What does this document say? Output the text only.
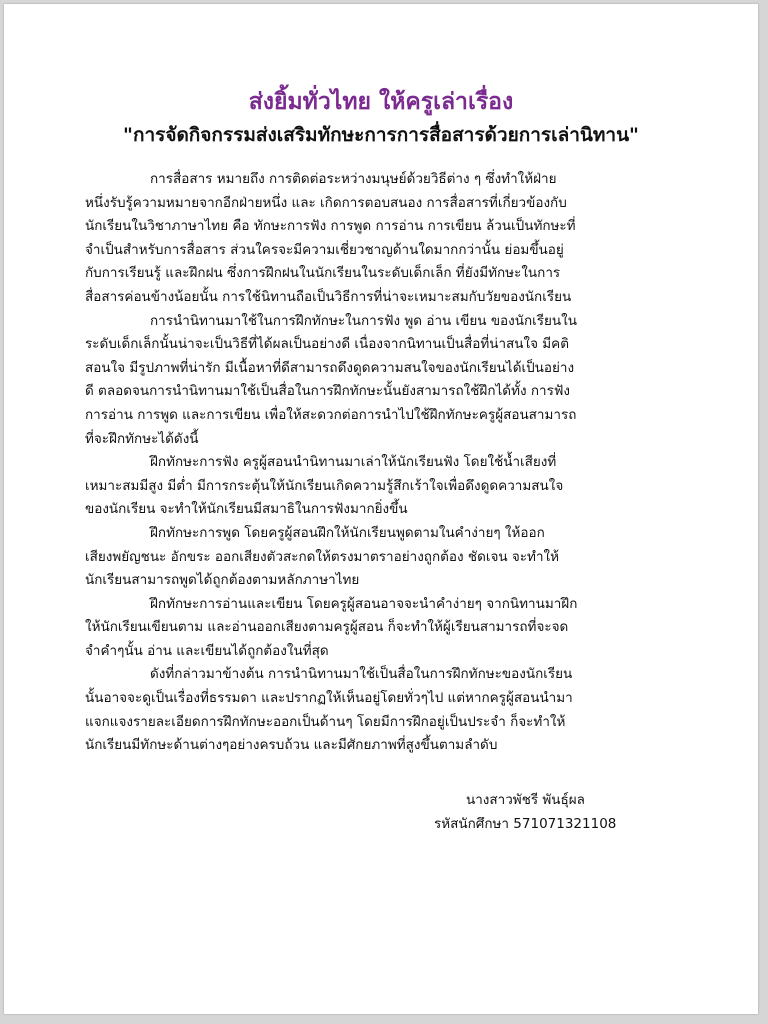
ส่งยิ้มทั่วไทย ให้ครูเล่าเรื่อง
"การจัดกิจกรรมส่งเสริมทักษะการการสื่อสารด้วยการเล่านิทาน"
การสื่อสาร หมายถึง การติดต่อระหว่างมนุษย์ด้วยวิธีต่าง ๆ ซึ่งทำให้ฝ่าย
หนึ่งรับรู้ความหมายจากอีกฝ่ายหนึ่ง และ เกิดการตอบสนอง การสื่อสารที่เกี่ยวข้องกับ
นักเรียนในวิชาภาษาไทย คือ ทักษะการฟัง การพูด การอ่าน การเขียน ล้วนเป็นทักษะที่
จำเป็นสำหรับการสื่อสาร ส่วนใครจะมีความเชี่ยวชาญด้านใดมากกว่านั้น ย่อมขึ้นอยู่
กับการเรียนรู้ และฝึกฝน ซึ่งการฝึกฝนในนักเรียนในระดับเด็กเล็ก ที่ยังมีทักษะในการ
สื่อสารค่อนข้างน้อยนั้น การใช้นิทานถือเป็นวิธีการที่น่าจะเหมาะสมกับวัยของนักเรียน
การนำนิทานมาใช้ในการฝึกทักษะในการฟัง พูด อ่าน เขียน ของนักเรียนใน
ระดับเด็กเล็กนั้นน่าจะเป็นวิธีที่ได้ผลเป็นอย่างดี เนื่องจากนิทานเป็นสื่อที่น่าสนใจ มีคติ
สอนใจ มีรูปภาพที่น่ารัก มีเนื้อหาที่ดีสามารถดึงดูดความสนใจของนักเรียนได้เป็นอย่าง
ดี ตลอดจนการนำนิทานมาใช้เป็นสื่อในการฝึกทักษะนั้นยังสามารถใช้ฝึกได้ทั้ง การฟัง
การอ่าน การพูด และการเขียน เพื่อให้สะดวกต่อการนำไปใช้ฝึกทักษะครูผู้สอนสามารถ
ที่จะฝึกทักษะได้ดังนี้
ฝึกทักษะการฟัง ครูผู้สอนนำนิทานมาเล่าให้นักเรียนฟัง โดยใช้น้ำเสียงที่
เหมาะสมมีสูง มีต่ำ มีการกระตุ้นให้นักเรียนเกิดความรู้สึกเร้าใจเพื่อดึงดูดความสนใจ
ของนักเรียน จะทำให้นักเรียนมีสมาธิในการฟังมากยิ่งขึ้น
ฝึกทักษะการพูด โดยครูผู้สอนฝึกให้นักเรียนพูดตามในคำง่ายๆ ให้ออก
เสียงพยัญชนะ อักขระ ออกเสียงตัวสะกดให้ตรงมาตราอย่างถูกต้อง ชัดเจน จะทำให้
นักเรียนสามารถพูดได้ถูกต้องตามหลักภาษาไทย
ฝึกทักษะการอ่านและเขียน โดยครูผู้สอนอาจจะนำคำง่ายๆ จากนิทานมาฝึก
ให้นักเรียนเขียนตาม และอ่านออกเสียงตามครูผู้สอน ก็จะทำให้ผู้เรียนสามารถที่จะจด
จำคำๆนั้น อ่าน และเขียนได้ถูกต้องในที่สุด
ดังที่กล่าวมาข้างต้น การนำนิทานมาใช้เป็นสื่อในการฝึกทักษะของนักเรียน
นั้นอาจจะดูเป็นเรื่องที่ธรรมดา และปรากฏให้เห็นอยู่โดยทั่วๆไป แต่หากครูผู้สอนนำมา
แจกแจงรายละเอียดการฝึกทักษะออกเป็นด้านๆ โดยมีการฝึกอยู่เป็นประจำ ก็จะทำให้
นักเรียนมีทักษะด้านต่างๆอย่างครบถ้วน และมีศักยภาพที่สูงขึ้นตามลำดับ
นางสาวพัชรี พันธุ์ผล
รหัสนักศึกษา 571071321108
